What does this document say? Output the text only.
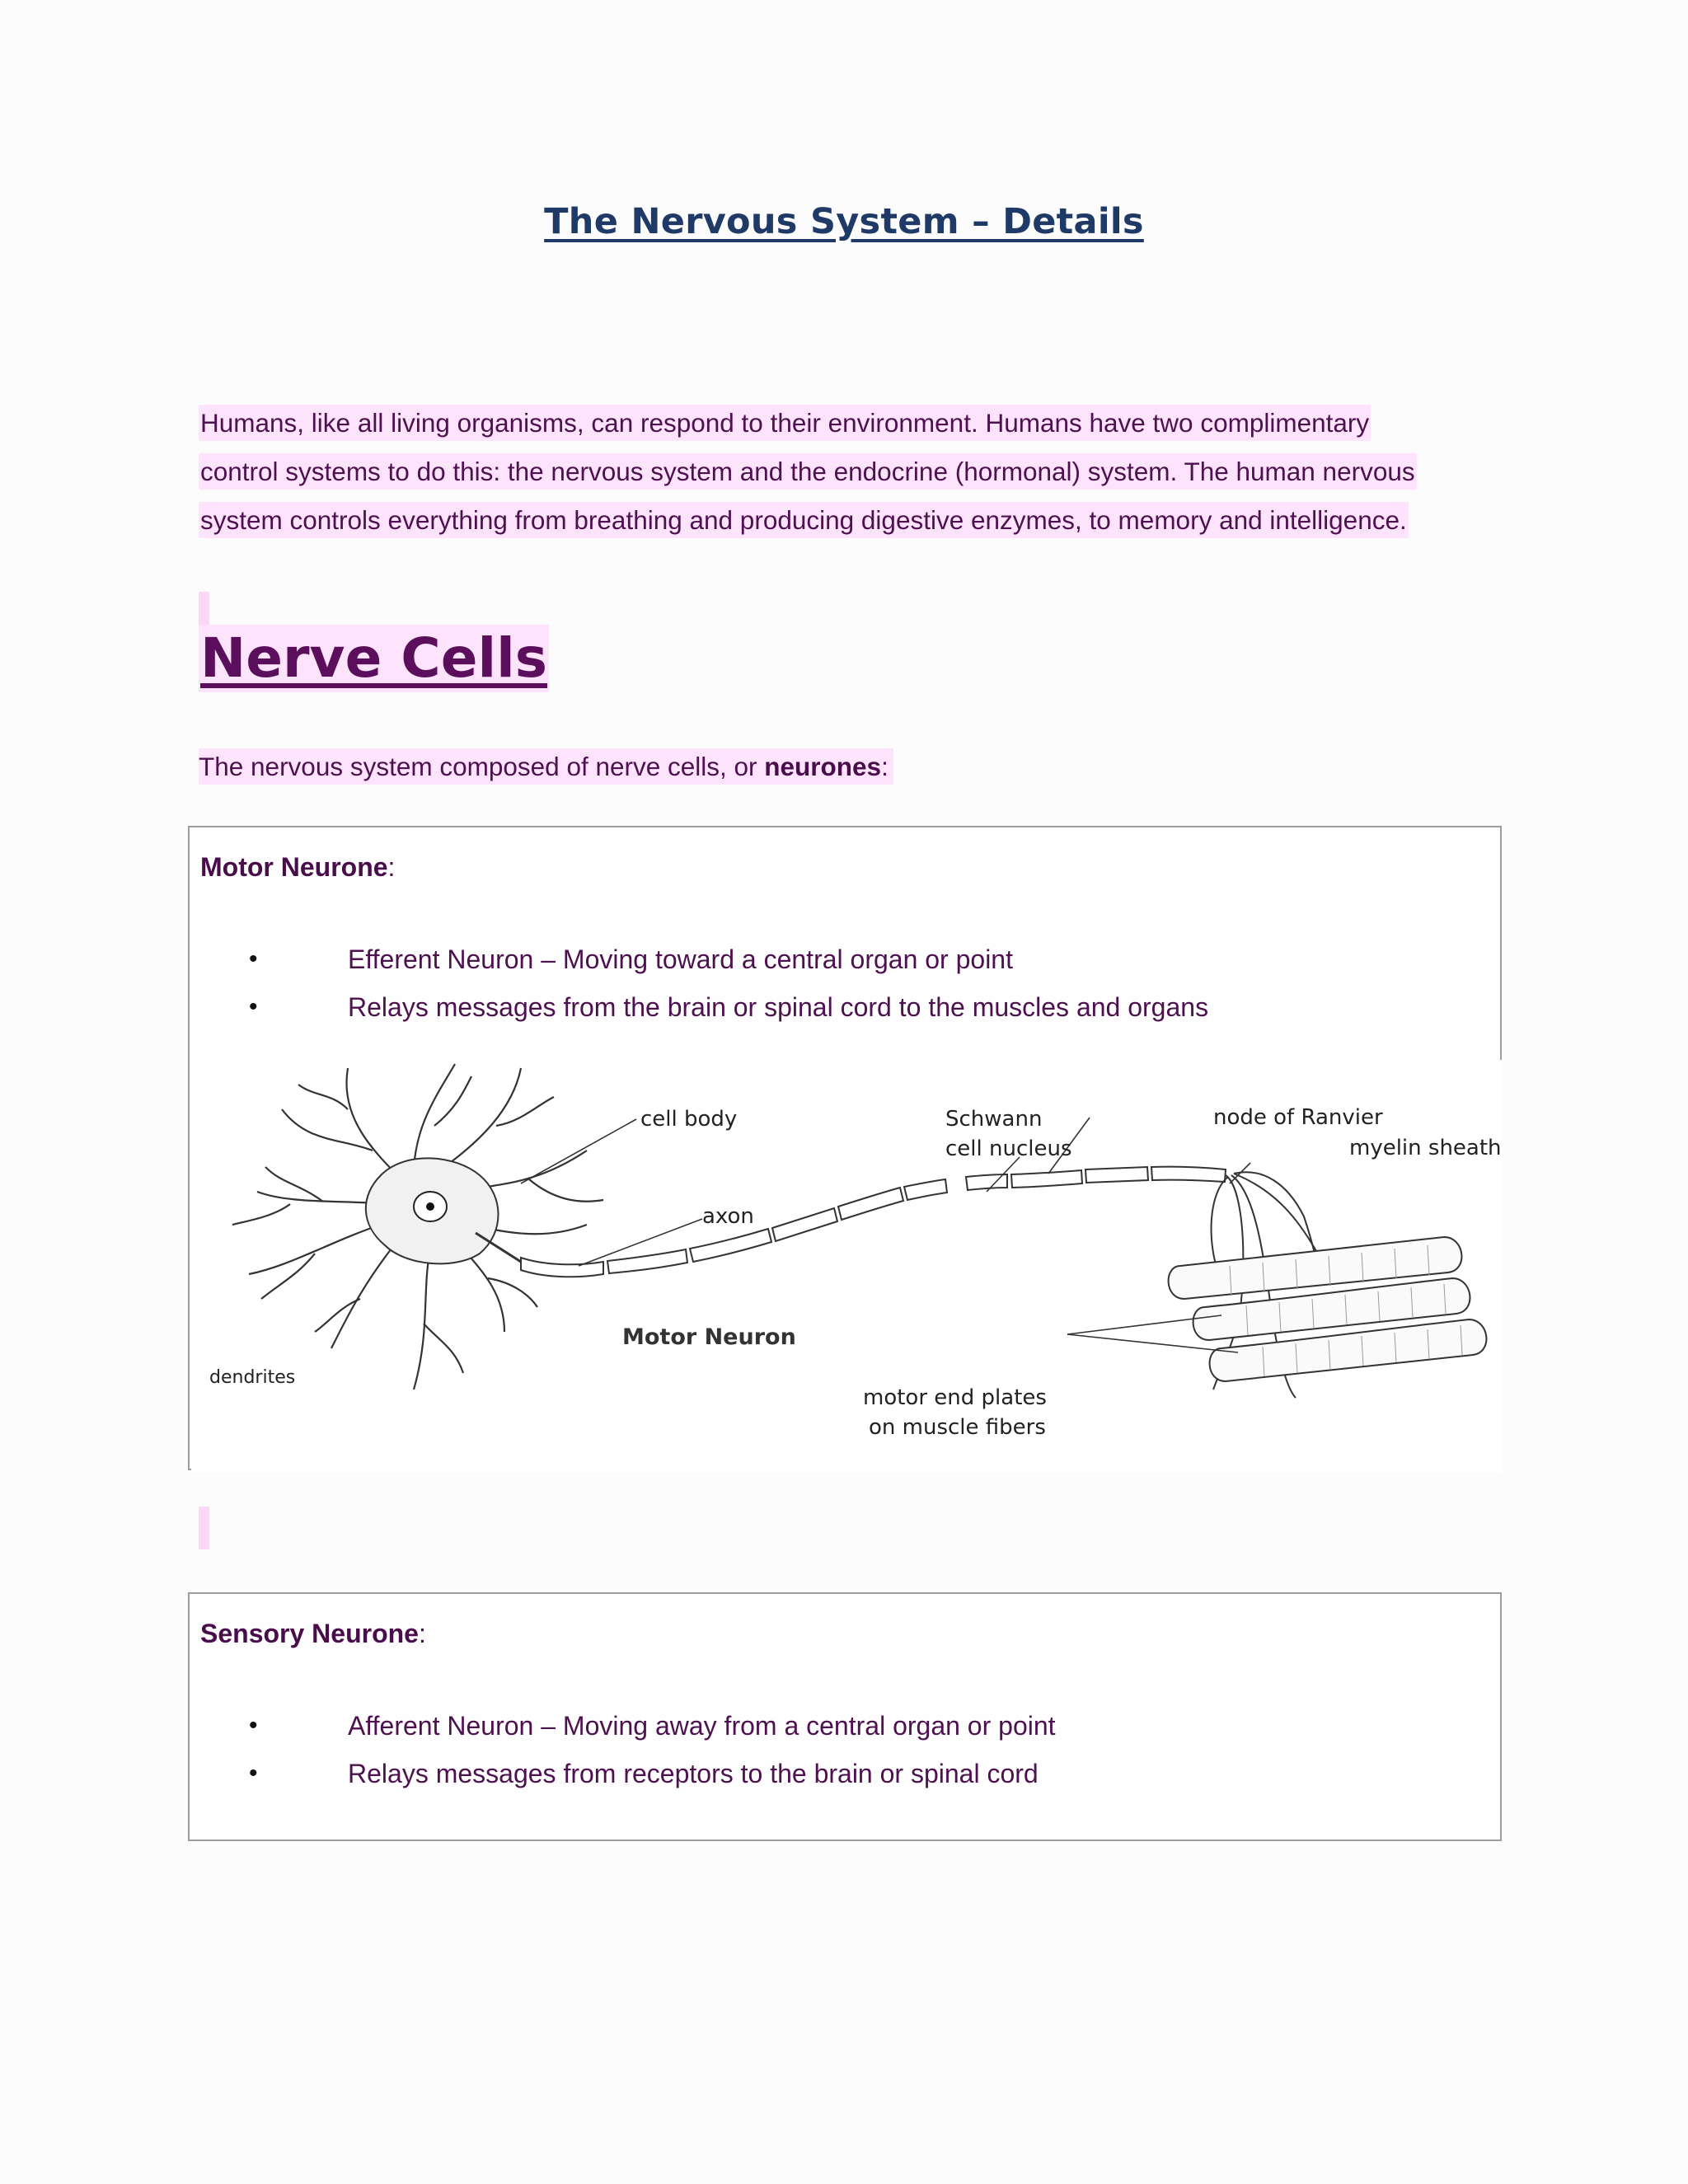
The Nervous System – Details
Humans, like all living organisms, can respond to their environment. Humans have two complimentary
control systems to do this: the nervous system and the endocrine (hormonal) system. The human nervous
system controls everything from breathing and producing digestive enzymes, to memory and intelligence.
Nerve Cells
The nervous system composed of nerve cells, or neurones:
Motor Neurone:
•	Efferent Neuron – Moving toward a central organ or point
•	Relays messages from the brain or spinal cord to the muscles and organs
cell body	Schwann
cell nucleus
node of Ranvier
myelin sheath
axon
Motor Neuron
dendrites
motor end plates
on muscle fibers
Sensory Neurone:
•	Afferent Neuron – Moving away from a central organ or point
•	Relays messages from receptors to the brain or spinal cord
